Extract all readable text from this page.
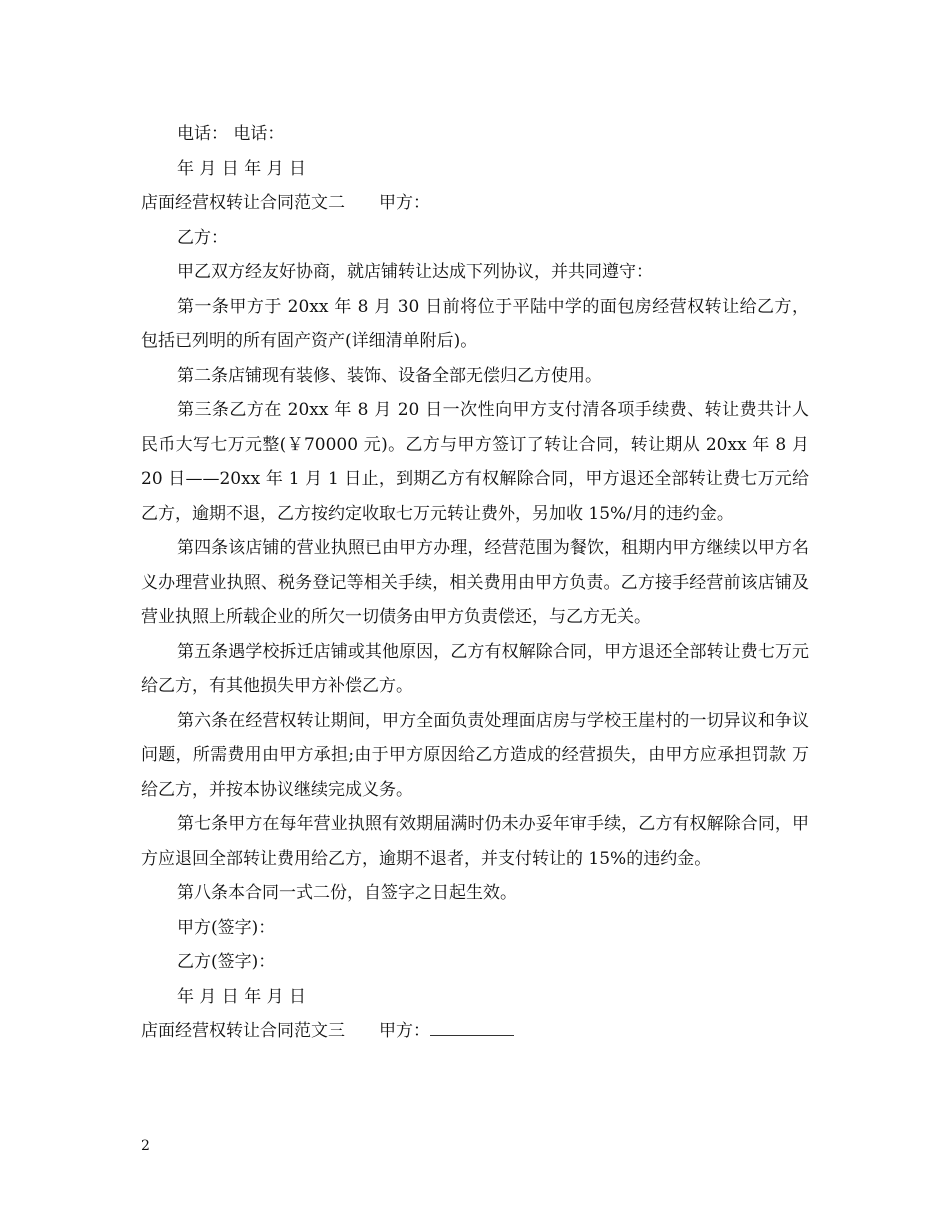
电话： 电话：
年 月 日 年 月 日
店面经营权转让合同范文二 甲方：
乙方：
甲乙双方经友好协商，就店铺转让达成下列协议，并共同遵守：
第一条甲方于 20xx 年 8 月 30 日前将位于平陆中学的面包房经营权转让给乙方，包括已列明的所有固产资产(详细清单附后)。
第二条店铺现有装修、装饰、设备全部无偿归乙方使用。
第三条乙方在 20xx 年 8 月 20 日一次性向甲方支付清各项手续费、转让费共计人民币大写七万元整(￥70000 元)。乙方与甲方签订了转让合同，转让期从 20xx 年 8 月 20 日——20xx 年 1 月 1 日止，到期乙方有权解除合同，甲方退还全部转让费七万元给乙方，逾期不退，乙方按约定收取七万元转让费外，另加收 15%/月的违约金。
第四条该店铺的营业执照已由甲方办理，经营范围为餐饮，租期内甲方继续以甲方名义办理营业执照、税务登记等相关手续，相关费用由甲方负责。乙方接手经营前该店铺及营业执照上所载企业的所欠一切债务由甲方负责偿还，与乙方无关。
第五条遇学校拆迁店铺或其他原因，乙方有权解除合同，甲方退还全部转让费七万元给乙方，有其他损失甲方补偿乙方。
第六条在经营权转让期间，甲方全面负责处理面店房与学校王崖村的一切异议和争议问题，所需费用由甲方承担;由于甲方原因给乙方造成的经营损失，由甲方应承担罚款 万给乙方，并按本协议继续完成义务。
第七条甲方在每年营业执照有效期届满时仍未办妥年审手续，乙方有权解除合同，甲方应退回全部转让费用给乙方，逾期不退者，并支付转让的 15%的违约金。
第八条本合同一式二份，自签字之日起生效。
甲方(签字)：
乙方(签字)：
年 月 日 年 月 日
店面经营权转让合同范文三 甲方：
2
